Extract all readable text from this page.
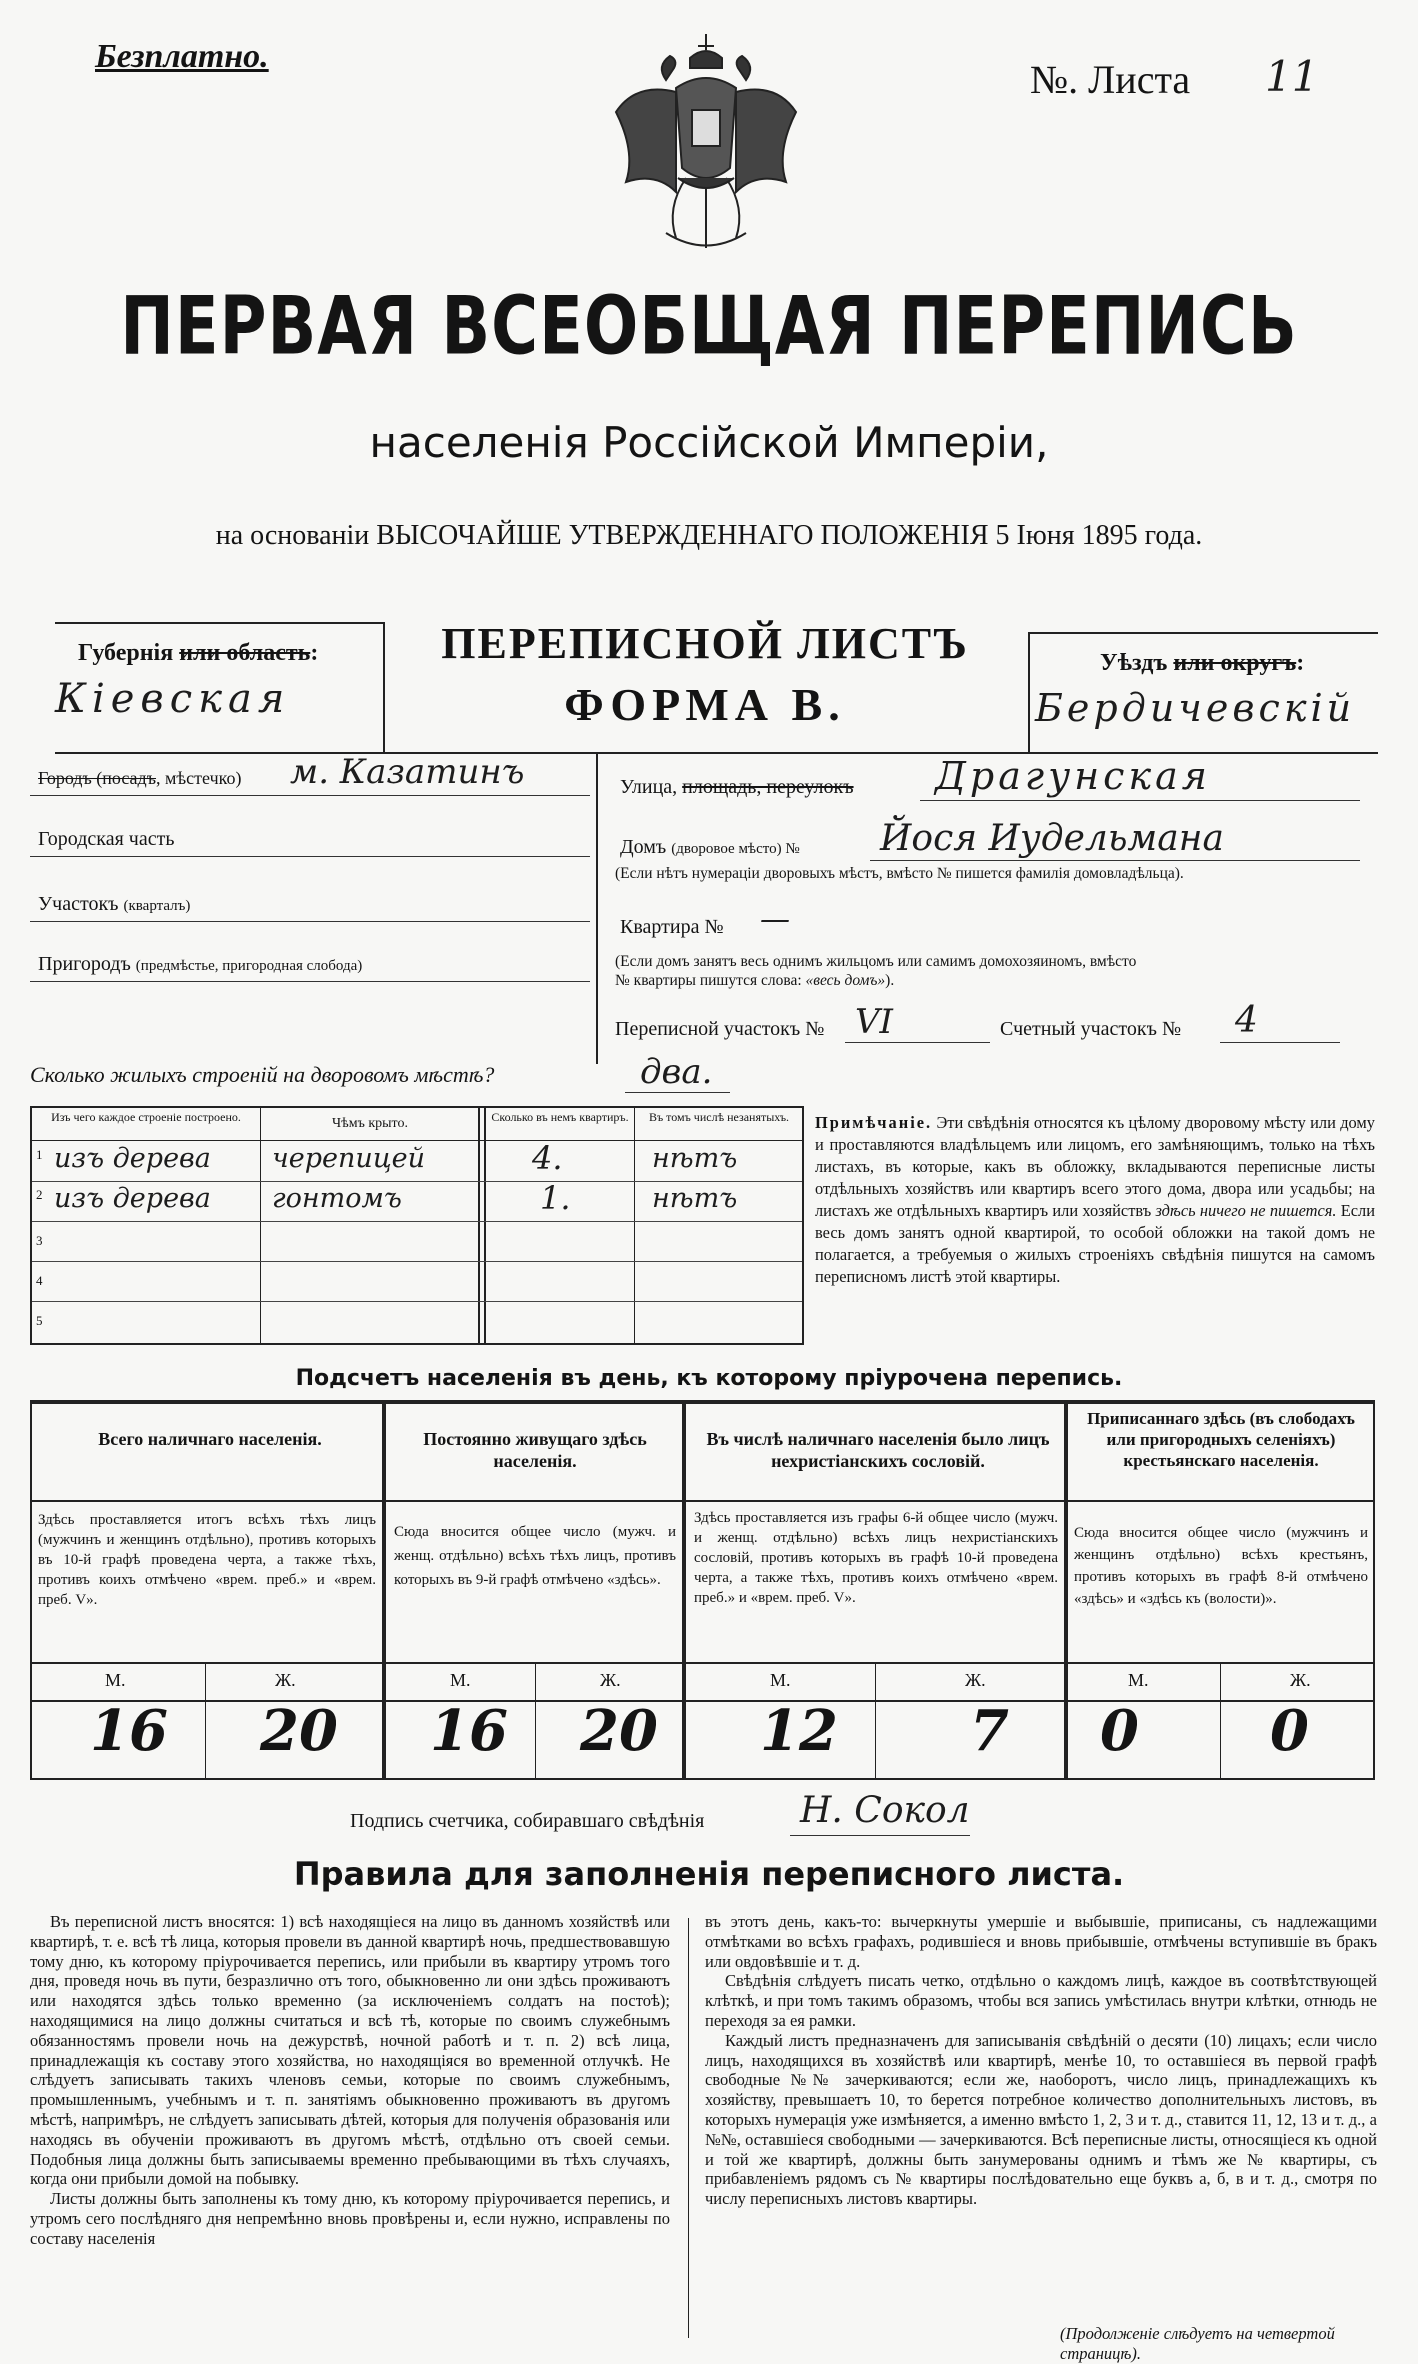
Безплатно.
№. Листа 11
ПЕРВАЯ ВСЕОБЩАЯ ПЕРЕПИСЬ
населенія Россійской Имперіи,
на основаніи ВЫСОЧАЙШЕ УТВЕРЖДЕННАГО ПОЛОЖЕНІЯ 5 Іюня 1895 года.
Губернія или область:
Кіевская
ПЕРЕПИСНОЙ ЛИСТЪ
ФОРМА В.
Уѣздъ или округъ:
Бердичевскій
Городъ (посадъ, мѣстечко) м. Казатинъ
Городская часть
Участокъ (кварталъ)
Пригородъ (предмѣстье, пригородная слобода)
Улица, площадь, переулокъ Драгунская
Домъ (дворовое мѣсто) № Йося Иудельмана
(Если нѣтъ нумераціи дворовыхъ мѣстъ, вмѣсто № пишется фамилія домовладѣльца).
Квартира № —
(Если домъ занятъ весь однимъ жильцомъ или самимъ домохозяиномъ, вмѣсто
№ квартиры пишутся слова: «весь домъ»).
Переписной участокъ № VI	Счетный участокъ № 4
Сколько жилыхъ строеній на дворовомъ мѣстѣ?	два.
Изъ чего каждое строеніе построено.	Чѣмъ крыто.	Сколько въ немъ квартиръ.	Въ томъ числѣ незанятыхъ.
1 изъ дерева черепицей	4.	нѣтъ
2 изъ дерева гонтомъ	1.	нѣтъ
3
4
5
Примѣчаніе. Эти свѣдѣнія относятся къ цѣлому дворовому мѣсту или дому и проставляются владѣльцемъ или лицомъ, его замѣняющимъ, только на тѣхъ листахъ, въ которые, какъ въ обложку, вкладываются переписные листы отдѣльныхъ хозяйствъ или квартиръ всего этого дома, двора или усадьбы; на листахъ же отдѣльныхъ квартиръ или хозяйствъ здѣсь ничего не пишется. Если весь домъ занятъ одной квартирой, то особой обложки на такой домъ не полагается, а требуемыя о жилыхъ строеніяхъ свѣдѣнія пишутся на самомъ переписномъ листѣ этой квартиры.
Подсчетъ населенія въ день, къ которому пріурочена перепись.
Всего наличнаго населенія.	Постоянно живущаго здѣсь населенія.
Въ числѣ наличнаго населенія было лицъ нехристіанскихъ сословій.
Приписаннаго здѣсь (въ слободахъ или пригородныхъ селеніяхъ) крестьянскаго населенія.
Здѣсь проставляется итогъ всѣхъ тѣхъ лицъ (мужчинъ и женщинъ отдѣльно), противъ которыхъ въ 10-й графѣ проведена черта, а также тѣхъ, противъ коихъ отмѣчено «врем. преб.» и «врем. преб. V».
Сюда вносится общее число (мужч. и женщ. отдѣльно) всѣхъ тѣхъ лицъ, противъ которыхъ въ 9-й графѣ отмѣчено «здѣсь».
Здѣсь проставляется изъ графы 6-й общее число (мужч. и женщ. отдѣльно) всѣхъ лицъ нехристіанскихъ сословій, противъ которыхъ въ графѣ 10-й проведена черта, а также тѣхъ, противъ коихъ отмѣчено «врем. преб.» и «врем. преб. V».
Сюда вносится общее число (мужчинъ и женщинъ отдѣльно) всѣхъ крестьянъ, противъ которыхъ въ графѣ 8-й отмѣчено «здѣсь» и «здѣсь къ (волости)».
М.	Ж.	М.	Ж.	М.	Ж.	М.	Ж.
16 20 16 20 12 7 0 0
Подпись счетчика, собиравшаго свѣдѣнія	Н. Сокол
Правила для заполненія переписного листа.

Въ переписной листъ вносятся: 1) всѣ находящіеся на лицо въ данномъ хозяйствѣ или квартирѣ, т. е. всѣ тѣ лица, которыя провели въ данной квартирѣ ночь, предшествовавшую тому дню, къ которому пріурочивается перепись, или прибыли въ квартиру утромъ того дня, проведя ночь въ пути, безразлично отъ того, обыкновенно ли они здѣсь проживаютъ или находятся здѣсь только временно (за исключеніемъ солдатъ на постоѣ); находящимися на лицо должны считаться и всѣ тѣ, которые по своимъ служебнымъ обязанностямъ провели ночь на дежурствѣ, ночной работѣ и т. п. 2) всѣ лица, принадлежащія къ составу этого хозяйства, но находящіяся во временной отлучкѣ. Не слѣдуетъ записывать такихъ членовъ семьи, которые по своимъ служебнымъ, промышленнымъ, учебнымъ и т. п. занятіямъ обыкновенно проживаютъ въ другомъ мѣстѣ, напримѣръ, не слѣдуетъ записывать дѣтей, которыя для полученія образованія или находясь въ обученіи проживаютъ въ другомъ мѣстѣ, отдѣльно отъ своей семьи. Подобныя лица должны быть записываемы временно пребывающими въ тѣхъ случаяхъ, когда они прибыли домой на побывку.

Листы должны быть заполнены къ тому дню, къ которому пріурочивается перепись, и утромъ сего послѣдняго дня непремѣнно вновь провѣрены и, если нужно, исправлены по составу населенія

въ этотъ день, какъ-то: вычеркнуты умершіе и выбывшіе, приписаны, съ надлежащими отмѣтками во всѣхъ графахъ, родившіеся и вновь прибывшіе, отмѣчены вступившіе въ бракъ или овдовѣвшіе и т. д.

Свѣдѣнія слѣдуетъ писать четко, отдѣльно о каждомъ лицѣ, каждое въ соотвѣтствующей клѣткѣ, и при томъ такимъ образомъ, чтобы вся запись умѣстилась внутри клѣтки, отнюдь не переходя за ея рамки.

Каждый листъ предназначенъ для записыванія свѣдѣній о десяти (10) лицахъ; если число лицъ, находящихся въ хозяйствѣ или квартирѣ, менѣе 10, то оставшіеся въ первой графѣ свободные №№ зачеркиваются; если же, наоборотъ, число лицъ, принадлежащихъ къ хозяйству, превышаетъ 10, то берется потребное количество дополнительныхъ листовъ, въ которыхъ нумерація уже измѣняется, а именно вмѣсто 1, 2, 3 и т. д., ставится 11, 12, 13 и т. д., а №№, оставшіеся свободными — зачеркиваются. Всѣ переписные листы, относящіеся къ одной и той же квартирѣ, должны быть занумерованы однимъ и тѣмъ же № квартиры, съ прибавленіемъ рядомъ съ № квартиры послѣдовательно еще буквъ а, б, в и т. д., смотря по числу переписныхъ листовъ квартиры.

(Продолженіе слѣдуетъ на четвертой страницѣ).
